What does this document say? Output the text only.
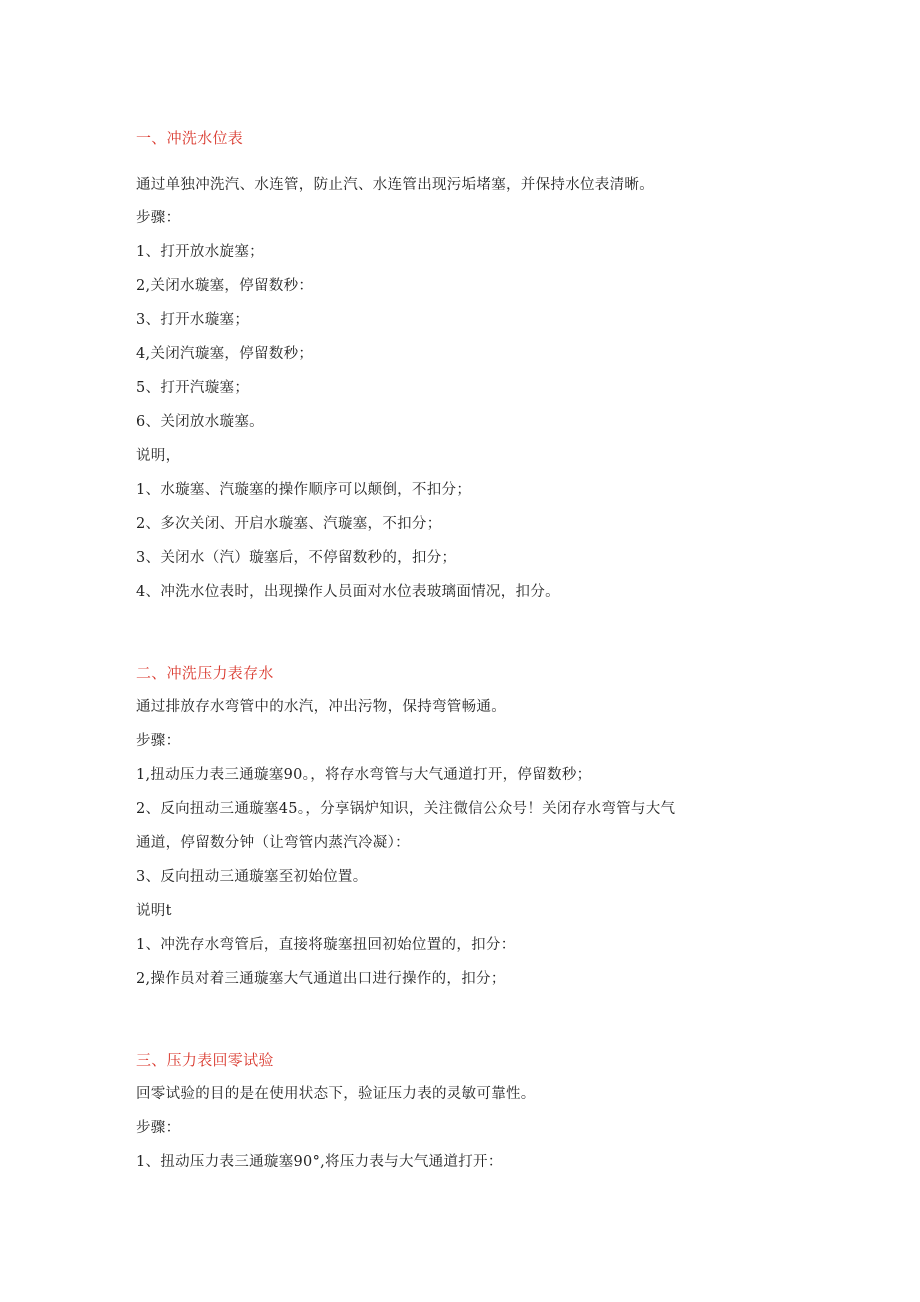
一、冲洗水位表
通过单独冲洗汽、水连管，防止汽、水连管出现污垢堵塞，并保持水位表清晰。
步骤：
1、打开放水旋塞；
2,关闭水璇塞，停留数秒：
3、打开水璇塞；
4,关闭汽璇塞，停留数秒；
5、打开汽璇塞；
6、关闭放水璇塞。
说明，
1、水璇塞、汽璇塞的操作顺序可以颠倒，不扣分；
2、多次关闭、开启水璇塞、汽璇塞，不扣分；
3、关闭水（汽）璇塞后，不停留数秒的，扣分；
4、冲洗水位表时，出现操作人员面对水位表玻璃面情况，扣分。
二、冲洗压力表存水
通过排放存水弯管中的水汽，冲出污物，保持弯管畅通。
步骤：
1,扭动压力表三通璇塞90。，将存水弯管与大气通道打开，停留数秒；
2、反向扭动三通璇塞45。，分享锅炉知识，关注微信公众号！关闭存水弯管与大气
通道，停留数分钟（让弯管内蒸汽冷凝）：
3、反向扭动三通璇塞至初始位置。
说明t
1、冲洗存水弯管后，直接将璇塞扭回初始位置的，扣分：
2,操作员对着三通璇塞大气通道出口进行操作的，扣分；
三、压力表回零试验
回零试验的目的是在使用状态下，验证压力表的灵敏可靠性。
步骤：
1、扭动压力表三通璇塞90°,将压力表与大气通道打开：
